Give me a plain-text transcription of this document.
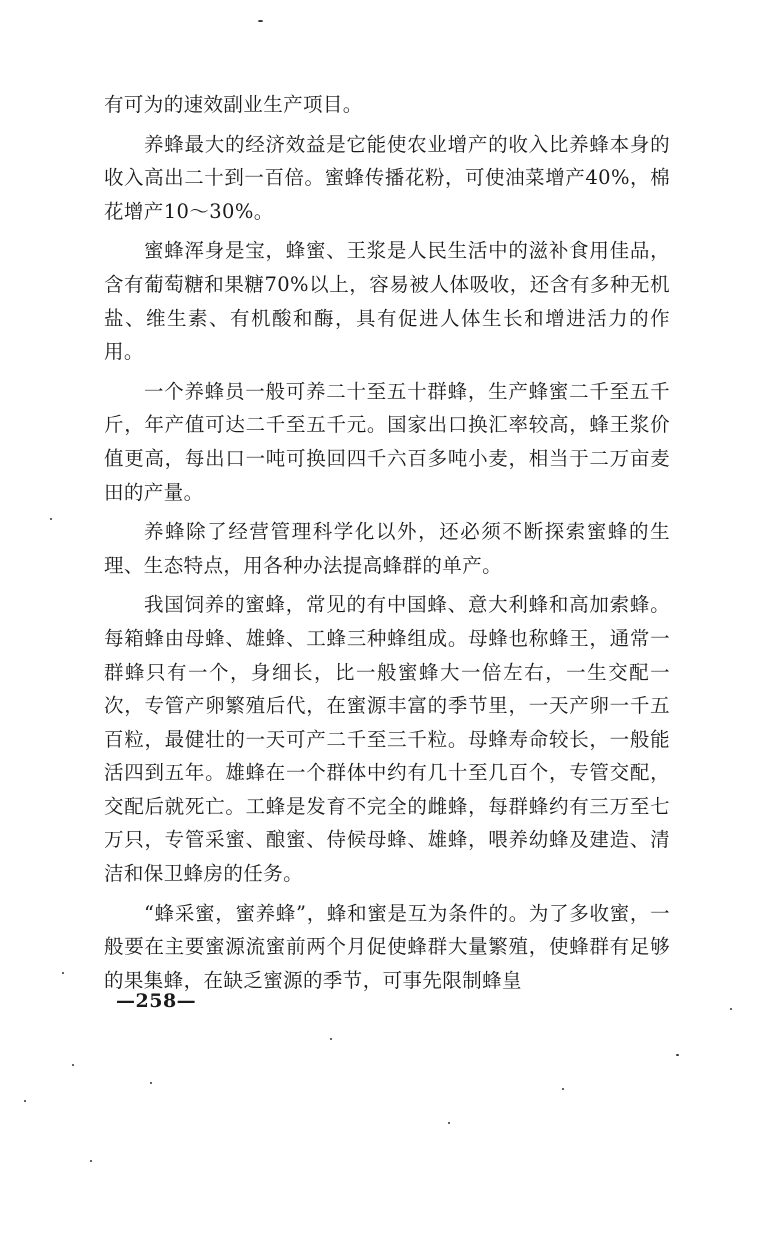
有可为的速效副业生产项目。

养蜂最大的经济效益是它能使农业增产的收入比养蜂本身的收入高出二十到一百倍。蜜蜂传播花粉，可使油菜增产40%，棉花增产10～30%。

蜜蜂浑身是宝，蜂蜜、王浆是人民生活中的滋补食用佳品，含有葡萄糖和果糖70%以上，容易被人体吸收，还含有多种无机盐、维生素、有机酸和酶，具有促进人体生长和增进活力的作用。

一个养蜂员一般可养二十至五十群蜂，生产蜂蜜二千至五千斤，年产值可达二千至五千元。国家出口换汇率较高，蜂王浆价值更高，每出口一吨可换回四千六百多吨小麦，相当于二万亩麦田的产量。

养蜂除了经营管理科学化以外，还必须不断探索蜜蜂的生理、生态特点，用各种办法提高蜂群的单产。

我国饲养的蜜蜂，常见的有中国蜂、意大利蜂和高加索蜂。每箱蜂由母蜂、雄蜂、工蜂三种蜂组成。母蜂也称蜂王，通常一群蜂只有一个，身细长，比一般蜜蜂大一倍左右，一生交配一次，专管产卵繁殖后代，在蜜源丰富的季节里，一天产卵一千五百粒，最健壮的一天可产二千至三千粒。母蜂寿命较长，一般能活四到五年。雄蜂在一个群体中约有几十至几百个，专管交配，交配后就死亡。工蜂是发育不完全的雌蜂，每群蜂约有三万至七万只，专管采蜜、酿蜜、侍候母蜂、雄蜂，喂养幼蜂及建造、清洁和保卫蜂房的任务。

“蜂采蜜，蜜养蜂”，蜂和蜜是互为条件的。为了多收蜜，一般要在主要蜜源流蜜前两个月促使蜂群大量繁殖，使蜂群有足够的果集蜂，在缺乏蜜源的季节，可事先限制蜂皇

—258—
